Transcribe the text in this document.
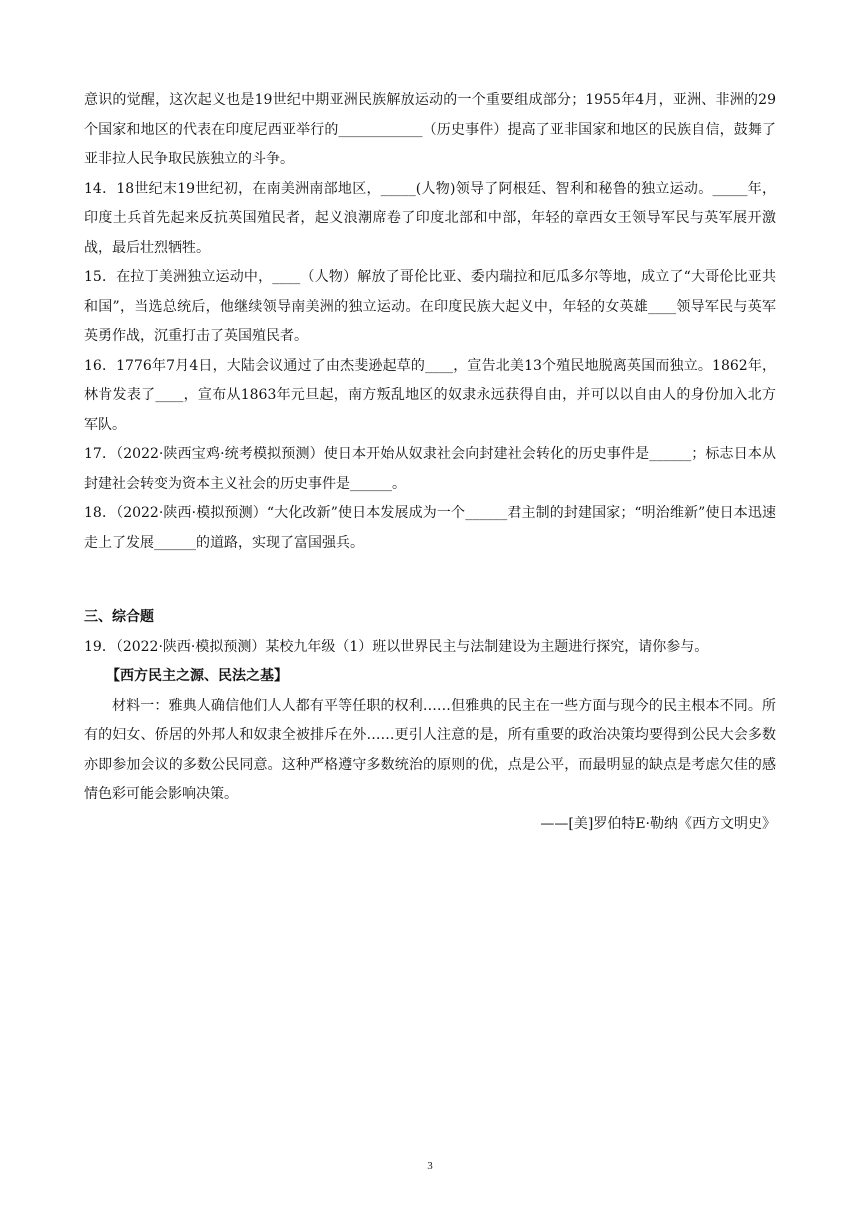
意识的觉醒，这次起义也是19世纪中期亚洲民族解放运动的一个重要组成部分；1955年4月，亚洲、非洲的29个国家和地区的代表在印度尼西亚举行的____________（历史事件）提高了亚非国家和地区的民族自信，鼓舞了亚非拉人民争取民族独立的斗争。

14．18世纪末19世纪初，在南美洲南部地区，_____(人物)领导了阿根廷、智利和秘鲁的独立运动。_____年，印度土兵首先起来反抗英国殖民者，起义浪潮席卷了印度北部和中部，年轻的章西女王领导军民与英军展开激战，最后壮烈牺牲。

15．在拉丁美洲独立运动中，____（人物）解放了哥伦比亚、委内瑞拉和厄瓜多尔等地，成立了“大哥伦比亚共和国”，当选总统后，他继续领导南美洲的独立运动。在印度民族大起义中，年轻的女英雄____领导军民与英军英勇作战，沉重打击了英国殖民者。

16．1776年7月4日，大陆会议通过了由杰斐逊起草的____，宣告北美13个殖民地脱离英国而独立。1862年，林肯发表了____，宣布从1863年元旦起，南方叛乱地区的奴隶永远获得自由，并可以以自由人的身份加入北方军队。

17．（2022·陕西宝鸡·统考模拟预测）使日本开始从奴隶社会向封建社会转化的历史事件是______；标志日本从封建社会转变为资本主义社会的历史事件是______。

18．（2022·陕西·模拟预测）“大化改新”使日本发展成为一个______君主制的封建国家；“明治维新”使日本迅速走上了发展______的道路，实现了富国强兵。

三、综合题

19．（2022·陕西·模拟预测）某校九年级（1）班以世界民主与法制建设为主题进行探究，请你参与。

【西方民主之源、民法之基】

材料一：雅典人确信他们人人都有平等任职的权利……但雅典的民主在一些方面与现今的民主根本不同。所有的妇女、侨居的外邦人和奴隶全被排斥在外……更引人注意的是，所有重要的政治决策均要得到公民大会多数亦即参加会议的多数公民同意。这种严格遵守多数统治的原则的优，点是公平，而最明显的缺点是考虑欠佳的感情色彩可能会影响决策。

——[美]罗伯特E·勒纳《西方文明史》

3
